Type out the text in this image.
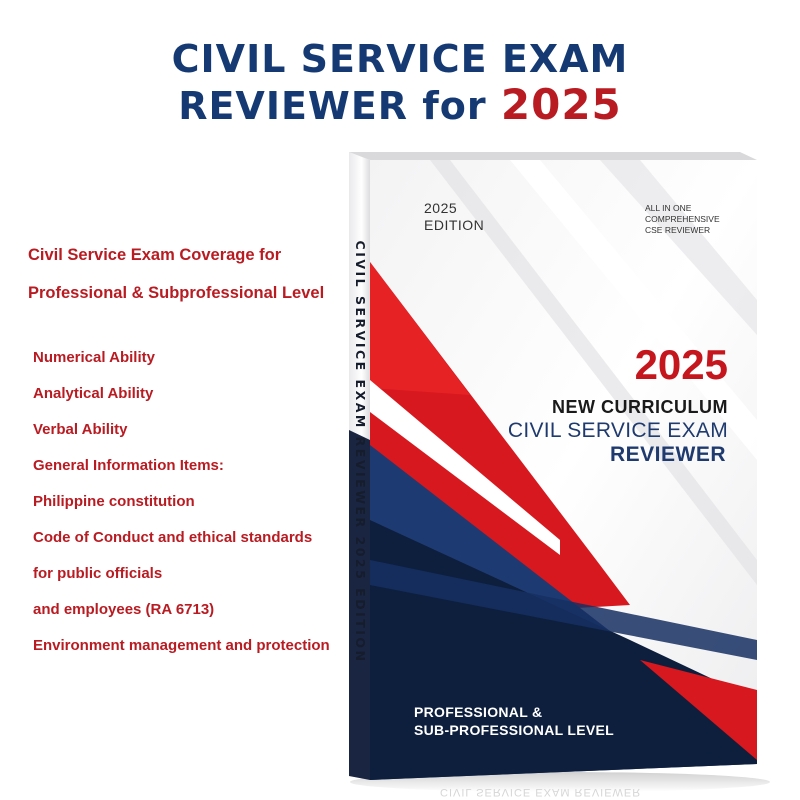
CIVIL SERVICE EXAM
REVIEWER for 2025
Civil Service Exam Coverage for
Professional & Subprofessional Level
Numerical Ability
Analytical Ability
Verbal Ability
General Information Items:
Philippine constitution
Code of Conduct and ethical standards
for public officials
and employees (RA 6713)
Environment management and protection
2025
EDITION
ALL IN ONE
COMPREHENSIVE
CSE REVIEWER
2025
NEW CURRICULUM
CIVIL SERVICE EXAM
REVIEWER
PROFESSIONAL &
SUB-PROFESSIONAL LEVEL
CIVIL SERVICE EXAM REVIEWER 2025 EDITION
CIVIL SERVICE EXAM REVIEWER
